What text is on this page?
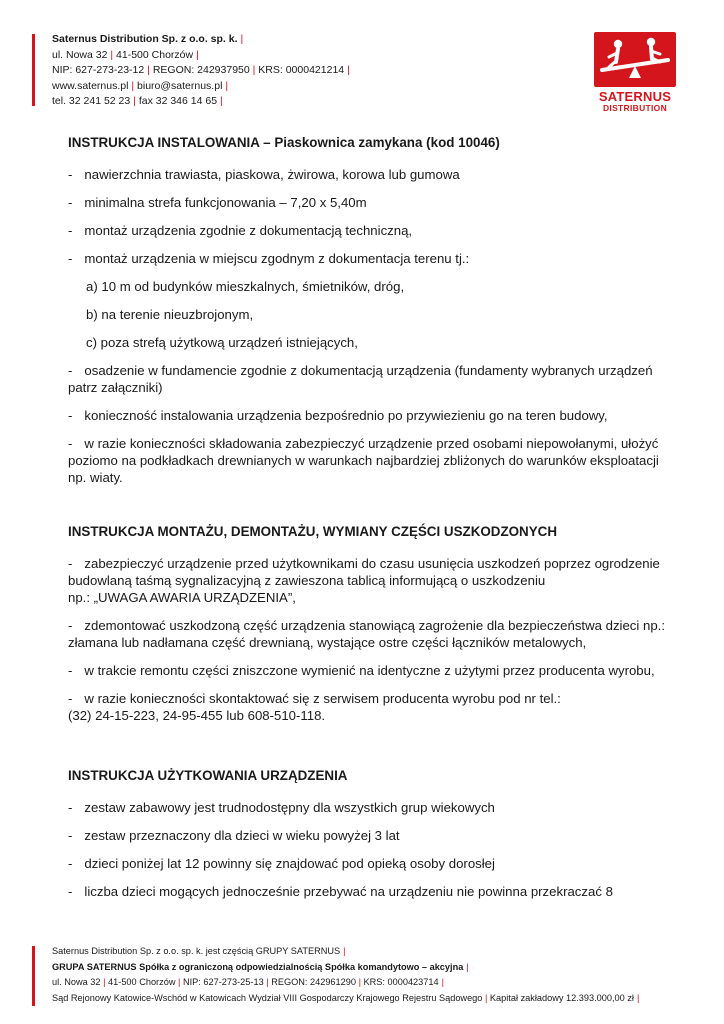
Saternus Distribution Sp. z o.o. sp. k. |
ul. Nowa 32 | 41-500 Chorzów |
NIP: 627-273-23-12 | REGON: 242937950 | KRS: 0000421214 |
www.saternus.pl | biuro@saternus.pl |
tel. 32 241 52 23 | fax 32 346 14 65 |	SATERNUS
DISTRIBUTION
INSTRUKCJA INSTALOWANIA – Piaskownica zamykana (kod 10046)

- nawierzchnia trawiasta, piaskowa, żwirowa, korowa lub gumowa

- minimalna strefa funkcjonowania – 7,20 x 5,40m

- montaż urządzenia zgodnie z dokumentacją techniczną,

- montaż urządzenia w miejscu zgodnym z dokumentacja terenu tj.:

a) 10 m od budynków mieszkalnych, śmietników, dróg,

b) na terenie nieuzbrojonym,

c) poza strefą użytkową urządzeń istniejących,

- osadzenie w fundamencie zgodnie z dokumentacją urządzenia (fundamenty wybranych urządzeń
patrz załączniki)

- konieczność instalowania urządzenia bezpośrednio po przywiezieniu go na teren budowy,

- w razie konieczności składowania zabezpieczyć urządzenie przed osobami niepowołanymi, ułożyć
poziomo na podkładkach drewnianych w warunkach najbardziej zbliżonych do warunków eksploatacji
np. wiaty.

INSTRUKCJA MONTAŻU, DEMONTAŻU, WYMIANY CZĘŚCI USZKODZONYCH

- zabezpieczyć urządzenie przed użytkownikami do czasu usunięcia uszkodzeń poprzez ogrodzenie
budowlaną taśmą sygnalizacyjną z zawieszona tablicą informującą o uszkodzeniu
np.: „UWAGA AWARIA URZĄDZENIA”,

- zdemontować uszkodzoną część urządzenia stanowiącą zagrożenie dla bezpieczeństwa dzieci np.:
złamana lub nadłamana część drewnianą, wystające ostre części łączników metalowych,

- w trakcie remontu części zniszczone wymienić na identyczne z użytymi przez producenta wyrobu,

- w razie konieczności skontaktować się z serwisem producenta wyrobu pod nr tel.:
(32) 24-15-223, 24-95-455 lub 608-510-118.

INSTRUKCJA UŻYTKOWANIA URZĄDZENIA

- zestaw zabawowy jest trudnodostępny dla wszystkich grup wiekowych

- zestaw przeznaczony dla dzieci w wieku powyżej 3 lat

- dzieci poniżej lat 12 powinny się znajdować pod opieką osoby dorosłej

- liczba dzieci mogących jednocześnie przebywać na urządzeniu nie powinna przekraczać 8

Saternus Distribution Sp. z o.o. sp. k. jest częścią GRUPY SATERNUS |
GRUPA SATERNUS Spółka z ograniczoną odpowiedzialnością Spółka komandytowo – akcyjna |
ul. Nowa 32 | 41-500 Chorzów | NIP: 627-273-25-13 | REGON: 242961290 | KRS: 0000423714 |
Sąd Rejonowy Katowice-Wschód w Katowicach Wydział VIII Gospodarczy Krajowego Rejestru Sądowego | Kapitał zakładowy 12.393.000,00 zł |
